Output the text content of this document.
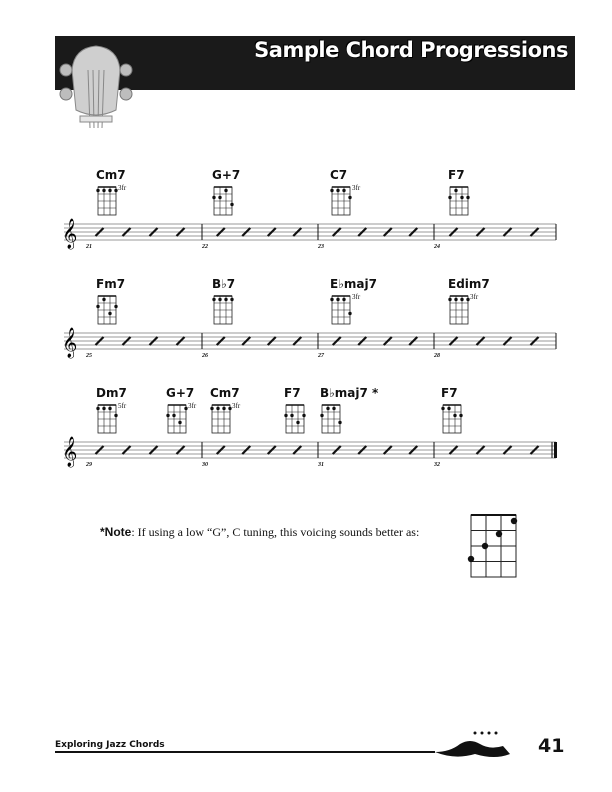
Sample Chord Progressions
Cm7
3fr
G+7	C7
3fr
F7
𝄞 21	22	23	24
Fm7	B♭7	E♭maj7
3fr
Edim7
3fr
𝄞 25	26	27	28
Dm7
5fr
G+7
3fr
Cm7
3fr
F7 B♭maj7 *	F7
𝄞 29	30	31	32
*Note: If using a low “G”, C tuning, this voicing sounds better as:
Exploring Jazz Chords	41
